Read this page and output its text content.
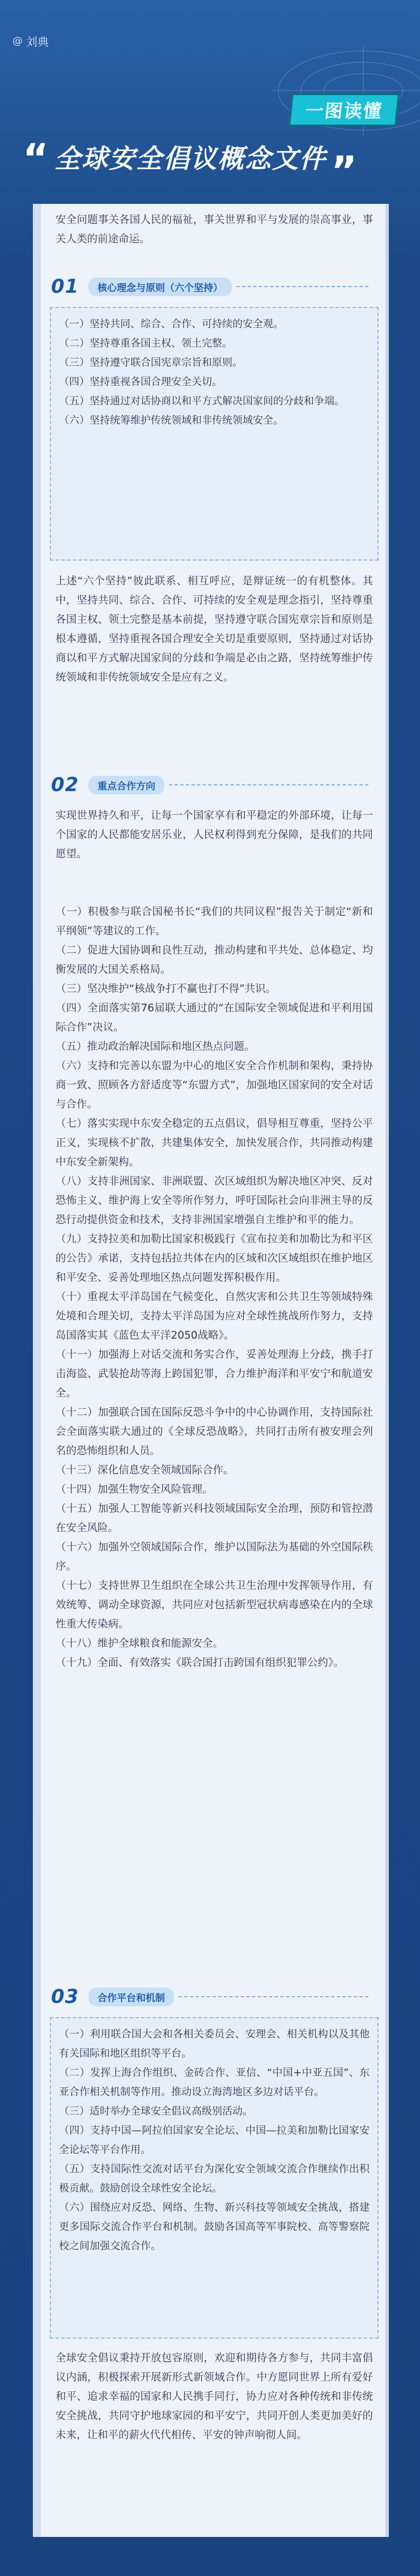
@ 刘典
一图读懂
“ 全球安全倡议概念文件 ”

安全问题事关各国人民的福祉，事关世界和平与发展的崇高事业，事关人类的前途命运。

01	核心理念与原则（六个坚持）

（一）坚持共同、综合、合作、可持续的安全观。

（二）坚持尊重各国主权、领土完整。

（三）坚持遵守联合国宪章宗旨和原则。

（四）坚持重视各国合理安全关切。

（五）坚持通过对话协商以和平方式解决国家间的分歧和争端。

（六）坚持统筹维护传统领域和非传统领域安全。

上述“六个坚持”彼此联系、相互呼应，是辩证统一的有机整体。其中，坚持共同、综合、合作、可持续的安全观是理念指引，坚持尊重各国主权、领土完整是基本前提，坚持遵守联合国宪章宗旨和原则是根本遵循，坚持重视各国合理安全关切是重要原则，坚持通过对话协商以和平方式解决国家间的分歧和争端是必由之路，坚持统筹维护传统领域和非传统领域安全是应有之义。

02	重点合作方向

实现世界持久和平，让每一个国家享有和平稳定的外部环境，让每一个国家的人民都能安居乐业，人民权利得到充分保障，是我们的共同愿望。

（一）积极参与联合国秘书长“我们的共同议程”报告关于制定“新和平纲领”等建议的工作。

（二）促进大国协调和良性互动，推动构建和平共处、总体稳定、均衡发展的大国关系格局。

（三）坚决维护“核战争打不赢也打不得”共识。

（四）全面落实第76届联大通过的“在国际安全领域促进和平利用国际合作”决议。

（五）推动政治解决国际和地区热点问题。

（六）支持和完善以东盟为中心的地区安全合作机制和架构，秉持协商一致、照顾各方舒适度等“东盟方式”，加强地区国家间的安全对话与合作。

（七）落实实现中东安全稳定的五点倡议，倡导相互尊重，坚持公平正义，实现核不扩散，共建集体安全，加快发展合作，共同推动构建中东安全新架构。

（八）支持非洲国家、非洲联盟、次区域组织为解决地区冲突、反对恐怖主义、维护海上安全等所作努力，呼吁国际社会向非洲主导的反恐行动提供资金和技术，支持非洲国家增强自主维护和平的能力。

（九）支持拉美和加勒比国家积极践行《宣布拉美和加勒比为和平区的公告》承诺，支持包括拉共体在内的区域和次区域组织在维护地区和平安全、妥善处理地区热点问题发挥积极作用。

（十）重视太平洋岛国在气候变化、自然灾害和公共卫生等领域特殊处境和合理关切，支持太平洋岛国为应对全球性挑战所作努力，支持岛国落实其《蓝色太平洋2050战略》。

（十一）加强海上对话交流和务实合作，妥善处理海上分歧，携手打击海盗、武装抢劫等海上跨国犯罪，合力维护海洋和平安宁和航道安全。

（十二）加强联合国在国际反恐斗争中的中心协调作用，支持国际社会全面落实联大通过的《全球反恐战略》，共同打击所有被安理会列名的恐怖组织和人员。

（十三）深化信息安全领域国际合作。

（十四）加强生物安全风险管理。

（十五）加强人工智能等新兴科技领域国际安全治理，预防和管控潜在安全风险。

（十六）加强外空领域国际合作，维护以国际法为基础的外空国际秩序。

（十七）支持世界卫生组织在全球公共卫生治理中发挥领导作用，有效统筹、调动全球资源，共同应对包括新型冠状病毒感染在内的全球性重大传染病。

（十八）维护全球粮食和能源安全。

（十九）全面、有效落实《联合国打击跨国有组织犯罪公约》。

03	合作平台和机制

（一）利用联合国大会和各相关委员会、安理会、相关机构以及其他有关国际和地区组织等平台。

（二）发挥上海合作组织、金砖合作、亚信、“中国+中亚五国”、东亚合作相关机制等作用。推动设立海湾地区多边对话平台。

（三）适时举办全球安全倡议高级别活动。

（四）支持中国—阿拉伯国家安全论坛、中国—拉美和加勒比国家安全论坛等平台作用。

（五）支持国际性交流对话平台为深化安全领域交流合作继续作出积极贡献。鼓励创设全球性安全论坛。

（六）围绕应对反恐、网络、生物、新兴科技等领域安全挑战，搭建更多国际交流合作平台和机制。鼓励各国高等军事院校、高等警察院校之间加强交流合作。

全球安全倡议秉持开放包容原则，欢迎和期待各方参与，共同丰富倡议内涵，积极探索开展新形式新领域合作。中方愿同世界上所有爱好和平、追求幸福的国家和人民携手同行，协力应对各种传统和非传统安全挑战，共同守护地球家园的和平安宁，共同开创人类更加美好的未来，让和平的薪火代代相传、平安的钟声响彻人间。
